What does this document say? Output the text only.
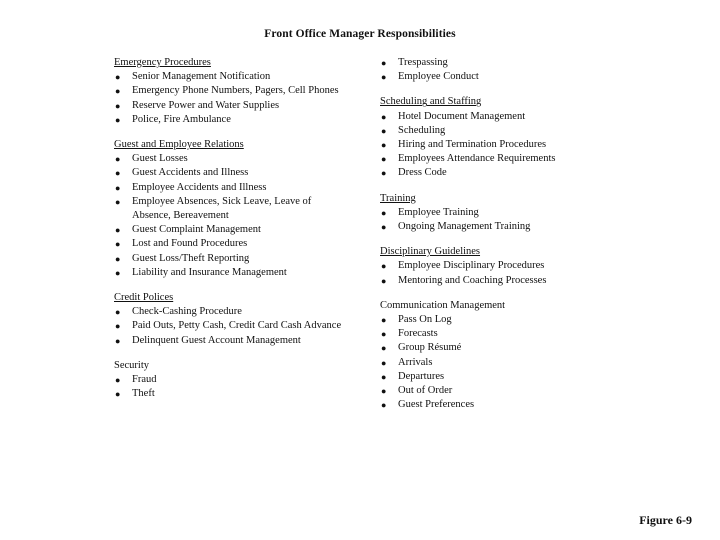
Front Office Manager Responsibilities
Emergency Procedures
● Senior Management Notification
● Emergency Phone Numbers, Pagers, Cell Phones
● Reserve Power and Water Supplies
● Police, Fire Ambulance
Guest and Employee Relations
● Guest Losses
● Guest Accidents and Illness
● Employee Accidents and Illness
● Employee Absences, Sick Leave, Leave of Absence, Bereavement
● Guest Complaint Management
● Lost and Found Procedures
● Guest Loss/Theft Reporting
● Liability and Insurance Management
Credit Polices
● Check-Cashing Procedure
● Paid Outs, Petty Cash, Credit Card Cash Advance
● Delinquent Guest Account Management
Security
● Fraud
● Theft
● Trespassing
● Employee Conduct
Scheduling and Staffing
● Hotel Document Management
● Scheduling
● Hiring and Termination Procedures
● Employees Attendance Requirements
● Dress Code
Training
● Employee Training
● Ongoing Management Training
Disciplinary Guidelines
● Employee Disciplinary Procedures
● Mentoring and Coaching Processes
Communication Management
● Pass On Log
● Forecasts
● Group Résumé
● Arrivals
● Departures
● Out of Order
● Guest Preferences
Figure 6-9
